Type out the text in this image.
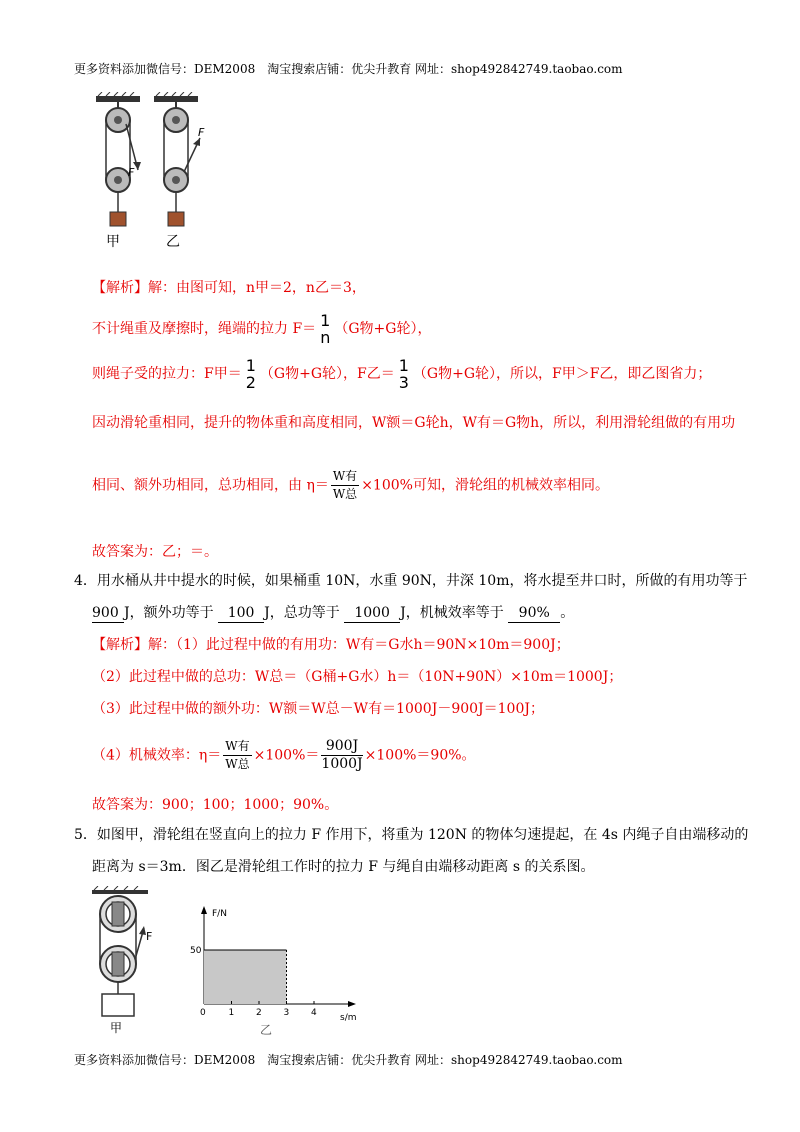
更多资料添加微信号：DEM2008　淘宝搜索店铺：优尖升教育 网址：shop492842749.taobao.com
F
甲
F
乙
【解析】解：由图可知，n甲＝2，n乙＝3，
不计绳重及摩擦时，绳端的拉力 F＝ 1
n （G物+G轮），
则绳子受的拉力：F甲＝ 1
2 （G物+G轮），F乙＝ 1
3 （G物+G轮），所以，F甲＞F乙，即乙图省力；
因动滑轮重相同，提升的物体重和高度相同，W额＝G轮h，W有＝G物h，所以，利用滑轮组做的有用功
相同、额外功相同，总功相同，由 $\eta= \frac{\text{W有}}{\text{W总}} \times 100\%$可知，滑轮组的机械效率相同。
故答案为：乙；＝。
4．用水桶从井中提水的时候，如果桶重 10N，水重 90N，井深 10m，将水提至井口时，所做的有用功等于
900 J，额外功等于 100 J，总功等于 1000 J，机械效率等于 90% 。
【解析】解：（1）此过程中做的有用功：W有＝G水h＝90N×10m＝900J；
（2）此过程中做的总功：W总＝（G桶+G水）h＝（10N+90N）×10m＝1000J；
（3）此过程中做的额外功：W额＝W总－W有＝1000J－900J＝100J；
（4）机械效率：$\eta= \frac{\text{W有}}{\text{W总}} \times 100\%= \frac{900J}{1000J} \times 100\%=90\%$。
故答案为：900；100；1000；90%。
5．如图甲，滑轮组在竖直向上的拉力 F 作用下，将重为 120N 的物体匀速提起，在 4s 内绳子自由端移动的
距离为 s＝3m．图乙是滑轮组工作时的拉力 F 与绳自由端移动距离 s 的关系图。
F
甲
0	1 2 3 4
50
F/N
s/m
乙
更多资料添加微信号：DEM2008　淘宝搜索店铺：优尖升教育 网址：shop492842749.taobao.com
